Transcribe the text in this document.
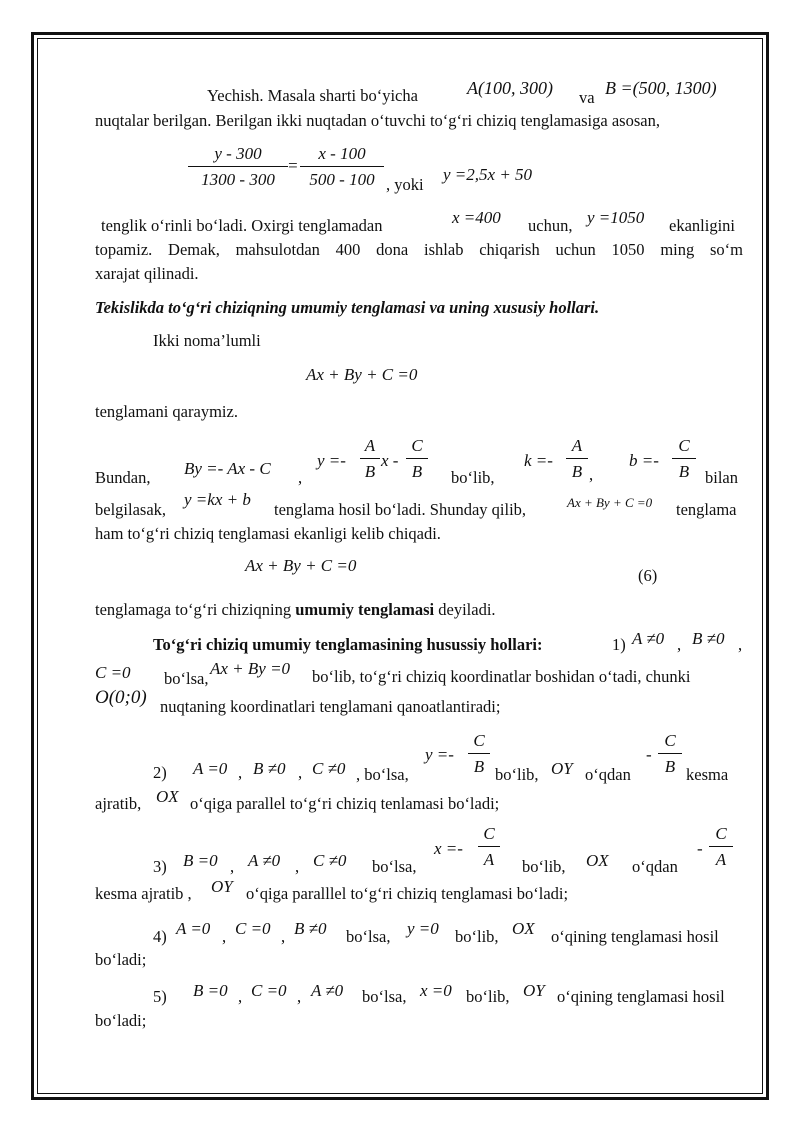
Yechish. Masala sharti bo‘yicha	A(100, 300) va B =(500, 1300)
nuqtalar berilgan. Berilgan ikki nuqtadan o‘tuvchi to‘g‘ri chiziq tenglamasiga asosan,
$\frac{y - 300}{1300 - 300} = \frac{x - 100}{500 - 100}$ , yoki
y =2,5x + 50
tenglik o‘rinli bo‘ladi. Oxirgi tenglamadan	x =400 uchun, y =1050 ekanligini
topamiz. Demak, mahsulotdan 400 dona ishlab chiqarish uchun 1050 ming so‘m
xarajat qilinadi.
Tekislikda to‘g‘ri chiziqning umumiy tenglamasi va uning xususiy hollari.
Ikki noma’lumli
Ax + By + C =0
tenglamani qaraymiz.
Bundan, By =- Ax - C ,
$y =- \frac{A}{B}$ x - $\frac{C}{B}$ bo‘lib,
$k =- \frac{A}{B}$ ,
$b =- \frac{C}{B}$ bilan
belgilasak,
y =kx + b
tenglama hosil bo‘ladi. Shunday qilib,	Ax + By + C =0 tenglama
ham to‘g‘ri chiziq tenglamasi ekanligi kelib chiqadi.
Ax + By + C =0
(6)
tenglamaga to‘g‘ri chiziqning umumiy tenglamasi deyiladi.
To‘g‘ri chiziq umumiy tenglamasining husussiy hollari:	1) A ≠0 , B ≠0 ,
C =0 bo‘lsa,
Ax + By =0 bo‘lib, to‘g‘ri chiziq koordinatlar boshidan o‘tadi, chunki
O(0;0) nuqtaning koordinatlari tenglamani qanoatlantiradi;
2) A =0 , B ≠0 , C ≠0 , bo‘lsa,
$y =- \frac{C}{B}$ bo‘lib, OY o‘qdan
- $\frac{C}{B}$ kesma
ajratib, OX o‘qiga parallel to‘g‘ri chiziq tenlamasi bo‘ladi;
3) B =0 , A ≠0 , C ≠0 bo‘lsa,
$x =- \frac{C}{A}$ bo‘lib, OX o‘qdan
- $\frac{C}{A}$
kesma ajratib , OY o‘qiga paralllel to‘g‘ri chiziq tenglamasi bo‘ladi;
4) A =0 , C =0 , B ≠0 bo‘lsa, y =0 bo‘lib, OX o‘qining tenglamasi hosil
bo‘ladi;
5) B =0 , C =0 , A ≠0 bo‘lsa, x =0 bo‘lib, OY o‘qining tenglamasi hosil
bo‘ladi;
